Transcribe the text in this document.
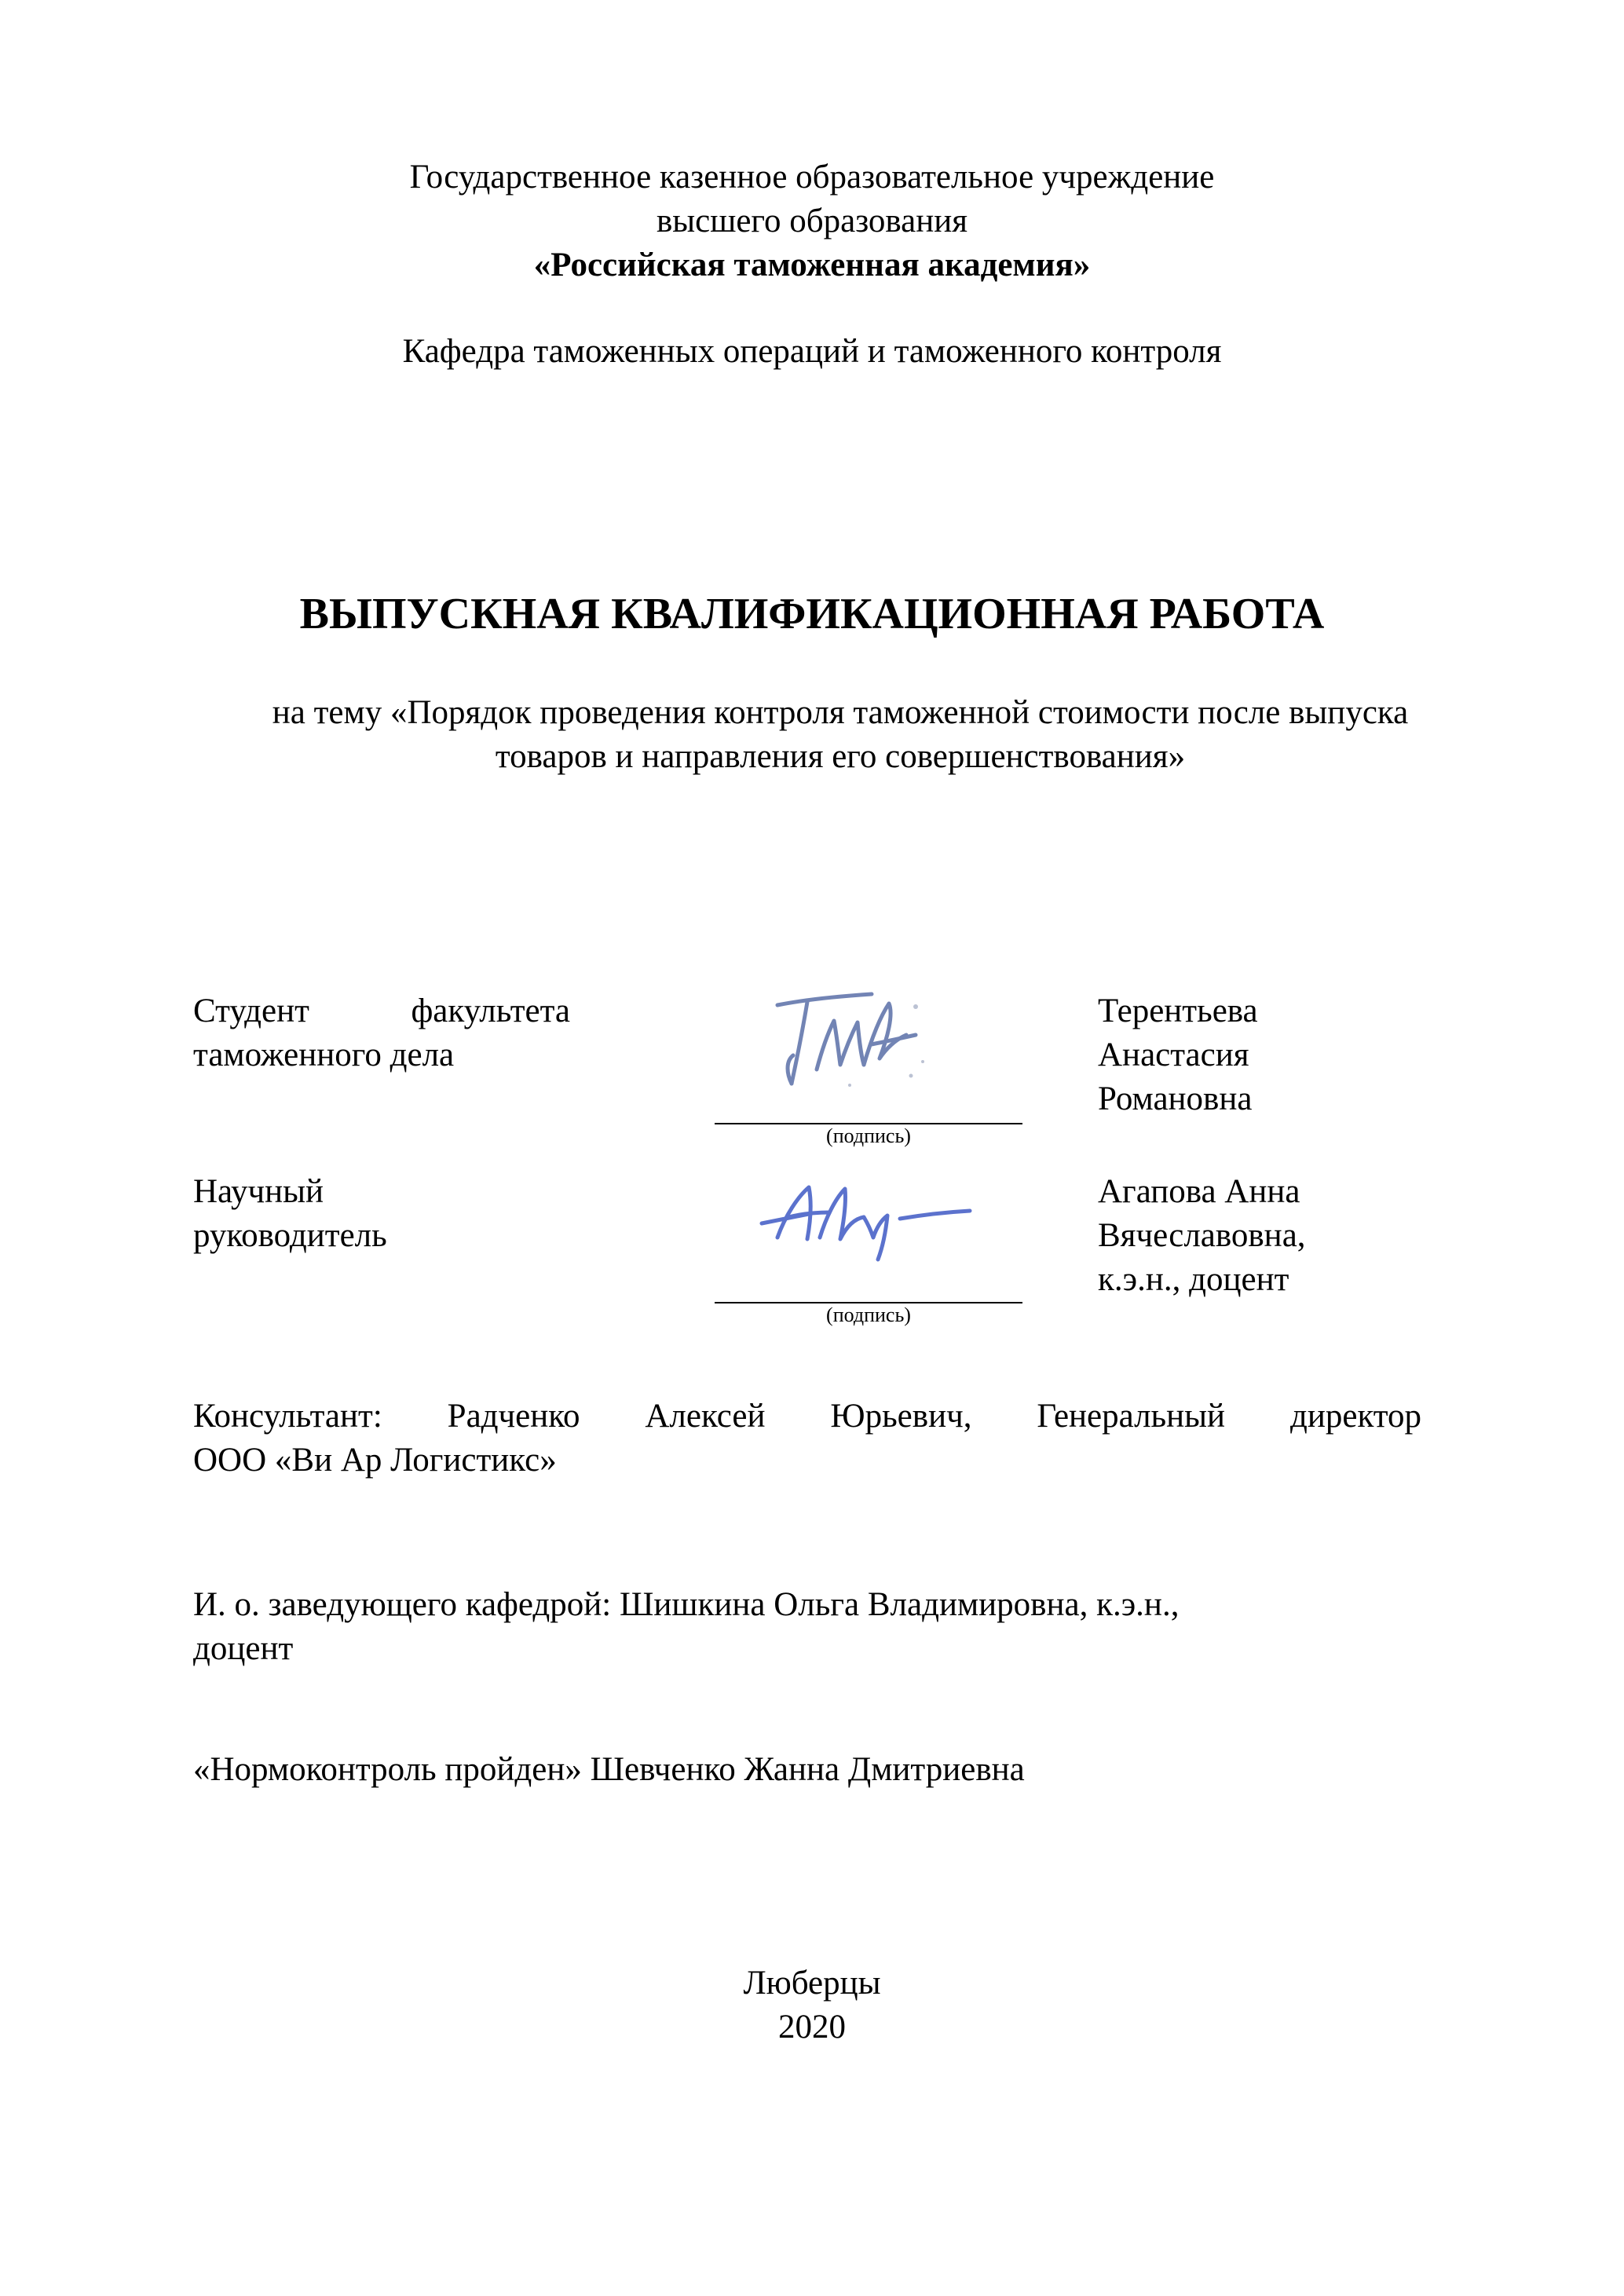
Государственное казенное образовательное учреждение
высшего образования
«Российская таможенная академия»
Кафедра таможенных операций и таможенного контроля
ВЫПУСКНАЯ КВАЛИФИКАЦИОННАЯ РАБОТА
на тему «Порядок проведения контроля таможенной стоимости после выпуска
товаров и направления его совершенствования»
Студент	факультета
таможенного дела
(подпись)
Терентьева
Анастасия
Романовна
Научный
руководитель
(подпись)
Агапова Анна
Вячеславовна,
к.э.н., доцент
Консультант: Радченко Алексей Юрьевич, Генеральный директор
ООО «Ви Ар Логистикс»
И. о. заведующего кафедрой: Шишкина Ольга Владимировна, к.э.н.,
доцент
«Нормоконтроль пройден» Шевченко Жанна Дмитриевна
Люберцы
2020
